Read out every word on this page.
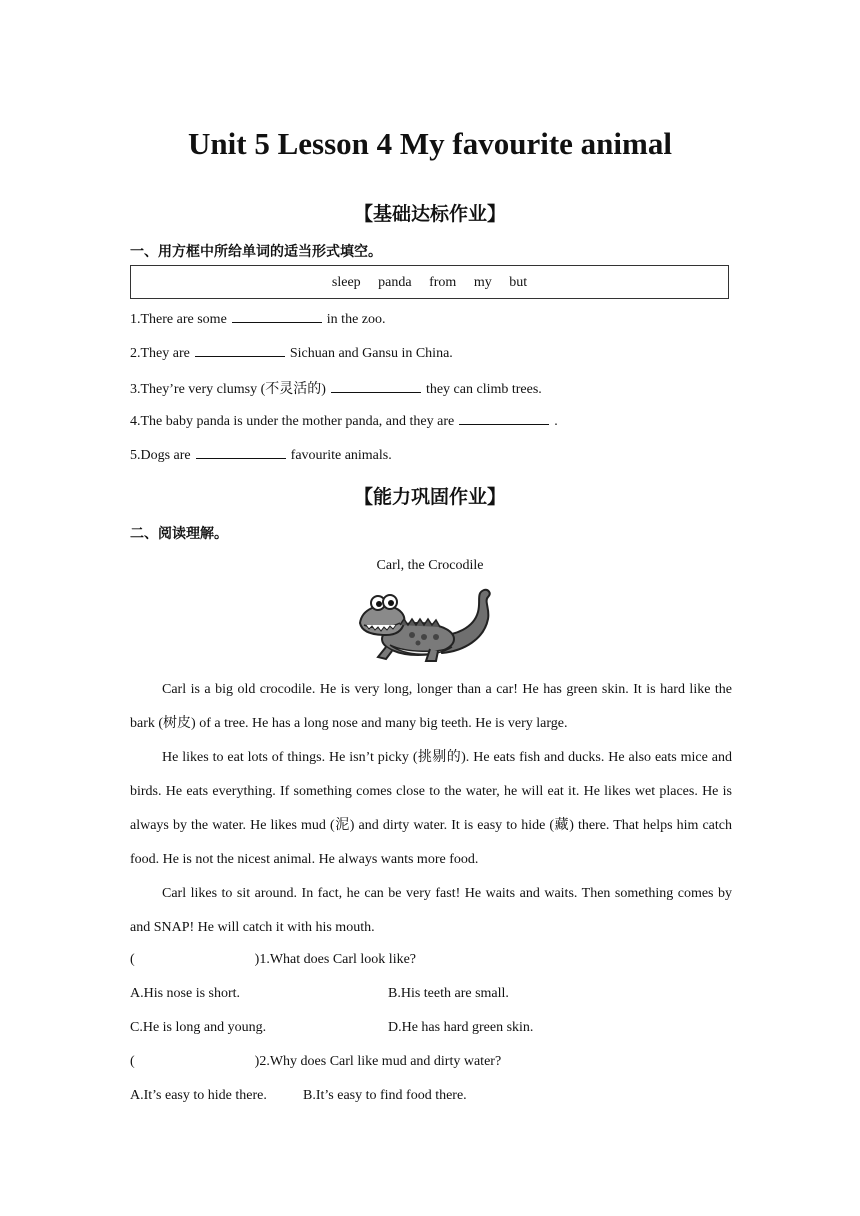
Unit 5 Lesson 4 My favourite animal
【基础达标作业】
一、用方框中所给单词的适当形式填空。
sleep panda from my but
1.There are some	in the zoo.
2.They are	Sichuan and Gansu in China.
3.They’re very clumsy (不灵活的)	they can climb trees.
4.The baby panda is under the mother panda, and they are	.
5.Dogs are	favourite animals.
【能力巩固作业】
二、阅读理解。
Carl, the Crocodile

Carl is a big old crocodile. He is very long, longer than a car! He has green skin. It is hard like the bark (树皮) of a tree. He has a long nose and many big teeth. He is very large.

He likes to eat lots of things. He isn’t picky (挑剔的). He eats fish and ducks. He also eats mice and birds. He eats everything. If something comes close to the water, he will eat it. He likes wet places. He is always by the water. He likes mud (泥) and dirty water. It is easy to hide (藏) there. That helps him catch food. He is not the nicest animal. He always wants more food.

Carl likes to sit around. In fact, he can be very fast! He waits and waits. Then something comes by and SNAP! He will catch it with his mouth.

(	)1.What does Carl look like?
A.His nose is short.	B.His teeth are small.
C.He is long and young.	D.He has hard green skin.
(	)2.Why does Carl like mud and dirty water?
A.It’s easy to hide there.	B.It’s easy to find food there.
